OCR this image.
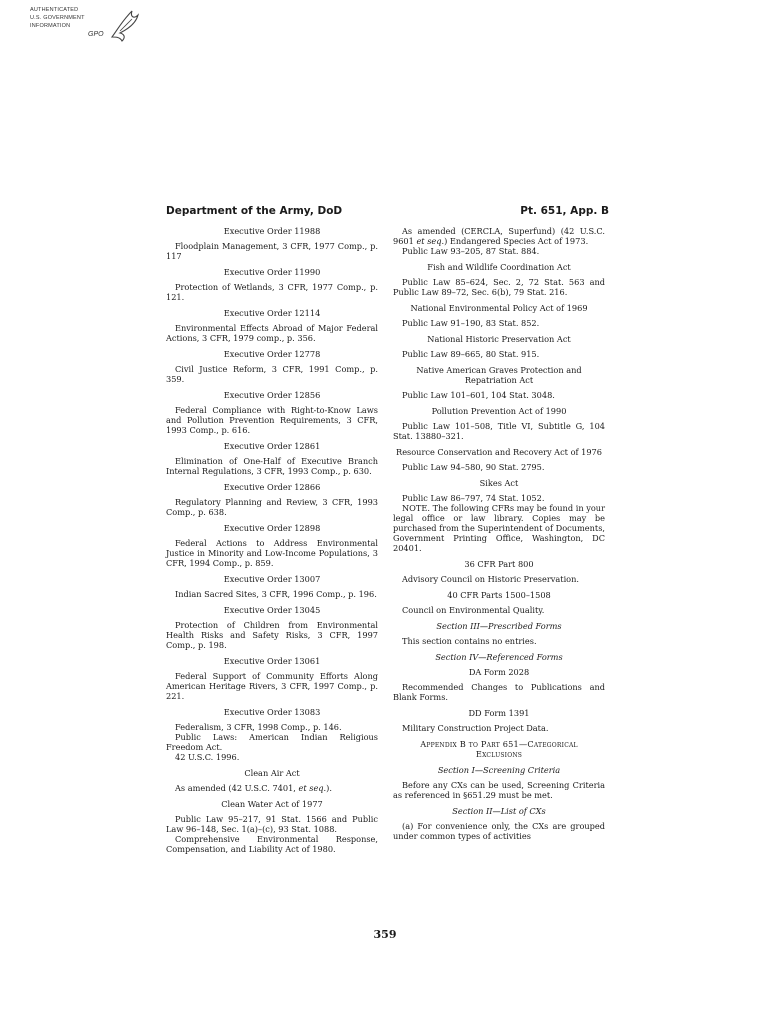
AUTHENTICATED
U.S. GOVERNMENT
INFORMATION
GPO
Department of the Army, DoD	Pt. 651, App. B
Executive Order 11988

Floodplain Management, 3 CFR, 1977 Comp., p. 117

Executive Order 11990

Protection of Wetlands, 3 CFR, 1977 Comp., p. 121.

Executive Order 12114

Environmental Effects Abroad of Major Federal Actions, 3 CFR, 1979 comp., p. 356.

Executive Order 12778

Civil Justice Reform, 3 CFR, 1991 Comp., p. 359.

Executive Order 12856

Federal Compliance with Right-to-Know Laws and Pollution Prevention Requirements, 3 CFR, 1993 Comp., p. 616.

Executive Order 12861

Elimination of One-Half of Executive Branch Internal Regulations, 3 CFR, 1993 Comp., p. 630.

Executive Order 12866

Regulatory Planning and Review, 3 CFR, 1993 Comp., p. 638.

Executive Order 12898

Federal Actions to Address Environmental Justice in Minority and Low-Income Populations, 3 CFR, 1994 Comp., p. 859.

Executive Order 13007

Indian Sacred Sites, 3 CFR, 1996 Comp., p. 196.

Executive Order 13045

Protection of Children from Environmental Health Risks and Safety Risks, 3 CFR, 1997 Comp., p. 198.

Executive Order 13061

Federal Support of Community Efforts Along American Heritage Rivers, 3 CFR, 1997 Comp., p. 221.

Executive Order 13083

Federalism, 3 CFR, 1998 Comp., p. 146.

Public Laws: American Indian Religious Freedom Act.

42 U.S.C. 1996.

Clean Air Act

As amended (42 U.S.C. 7401, et seq.).

Clean Water Act of 1977

Public Law 95–217, 91 Stat. 1566 and Public Law 96–148, Sec. 1(a)–(c), 93 Stat. 1088.

Comprehensive Environmental Response, Compensation, and Liability Act of 1980.

As amended (CERCLA, Superfund) (42 U.S.C. 9601 et seq.) Endangered Species Act of 1973.

Public Law 93–205, 87 Stat. 884.

Fish and Wildlife Coordination Act

Public Law 85–624, Sec. 2, 72 Stat. 563 and Public Law 89–72, Sec. 6(b), 79 Stat. 216.

National Environmental Policy Act of 1969

Public Law 91–190, 83 Stat. 852.

National Historic Preservation Act

Public Law 89–665, 80 Stat. 915.

Native American Graves Protection and Repatriation Act

Public Law 101–601, 104 Stat. 3048.

Pollution Prevention Act of 1990

Public Law 101–508, Title VI, Subtitle G, 104 Stat. 13880–321.

Resource Conservation and Recovery Act of 1976

Public Law 94–580, 90 Stat. 2795.

Sikes Act

Public Law 86–797, 74 Stat. 1052.

NOTE. The following CFRs may be found in your legal office or law library. Copies may be purchased from the Superintendent of Documents, Government Printing Office, Washington, DC 20401.

36 CFR Part 800

Advisory Council on Historic Preservation.

40 CFR Parts 1500–1508

Council on Environmental Quality.

Section III—Prescribed Forms

This section contains no entries.

Section IV—Referenced Forms
DA Form 2028

Recommended Changes to Publications and Blank Forms.

DD Form 1391

Military Construction Project Data.

Appendix B to Part 651—Categorical
Exclusions
Section I—Screening Criteria

Before any CXs can be used, Screening Criteria as referenced in §651.29 must be met.

Section II—List of CXs

(a) For convenience only, the CXs are grouped under common types of activities

359
